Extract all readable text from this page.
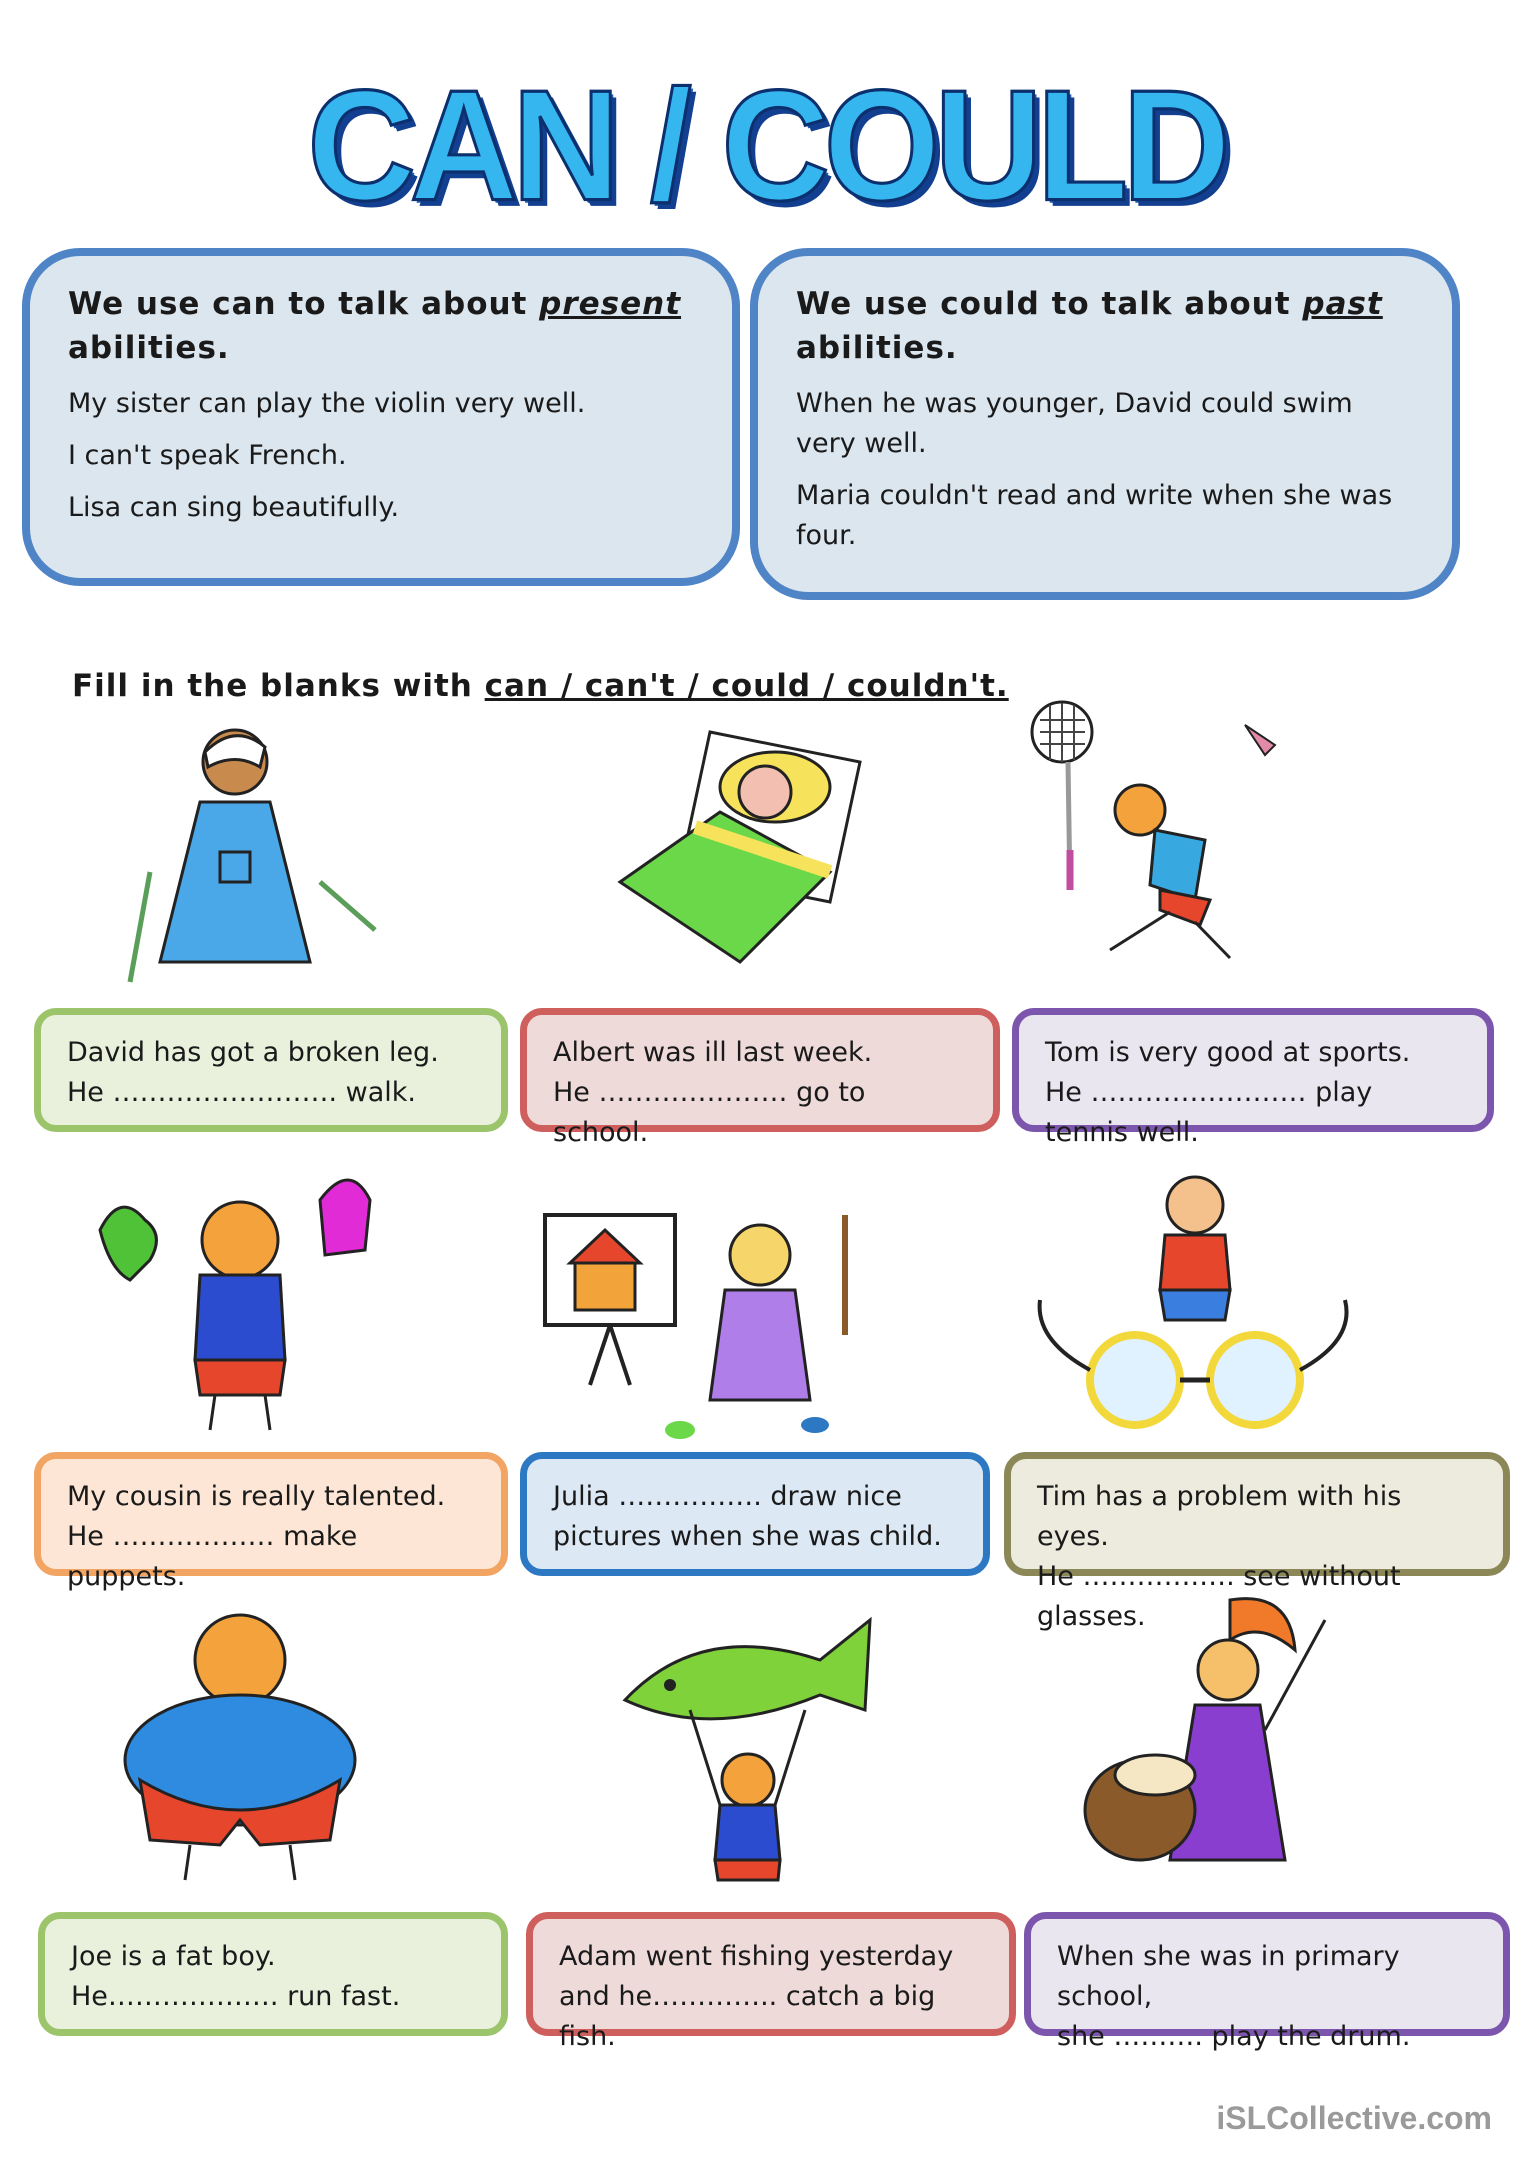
CAN / COULD
We use can to talk about present
abilities.
My sister can play the violin very well.
I can't speak French.
Lisa can sing beautifully.
We use could to talk about past
abilities.
When he was younger, David could swim very well.
Maria couldn't read and write when she was four.
Fill in the blanks with can / can't / could / couldn't.
David has got a broken leg.
He ……………………. walk.
Albert was ill last week.
He ………………… go to school.
Tom is very good at sports.
He …………………… play tennis well.
My cousin is really talented.
He ……………… make puppets.
Julia ……………. draw nice
pictures when she was child.
Tim has a problem with his eyes.
He ………….…. see without glasses.
Joe is a fat boy.
He………………. run fast.
Adam went fishing yesterday
and he………….. catch a big fish.
When she was in primary school,
she ………. play the drum.
iSLCollective.com
